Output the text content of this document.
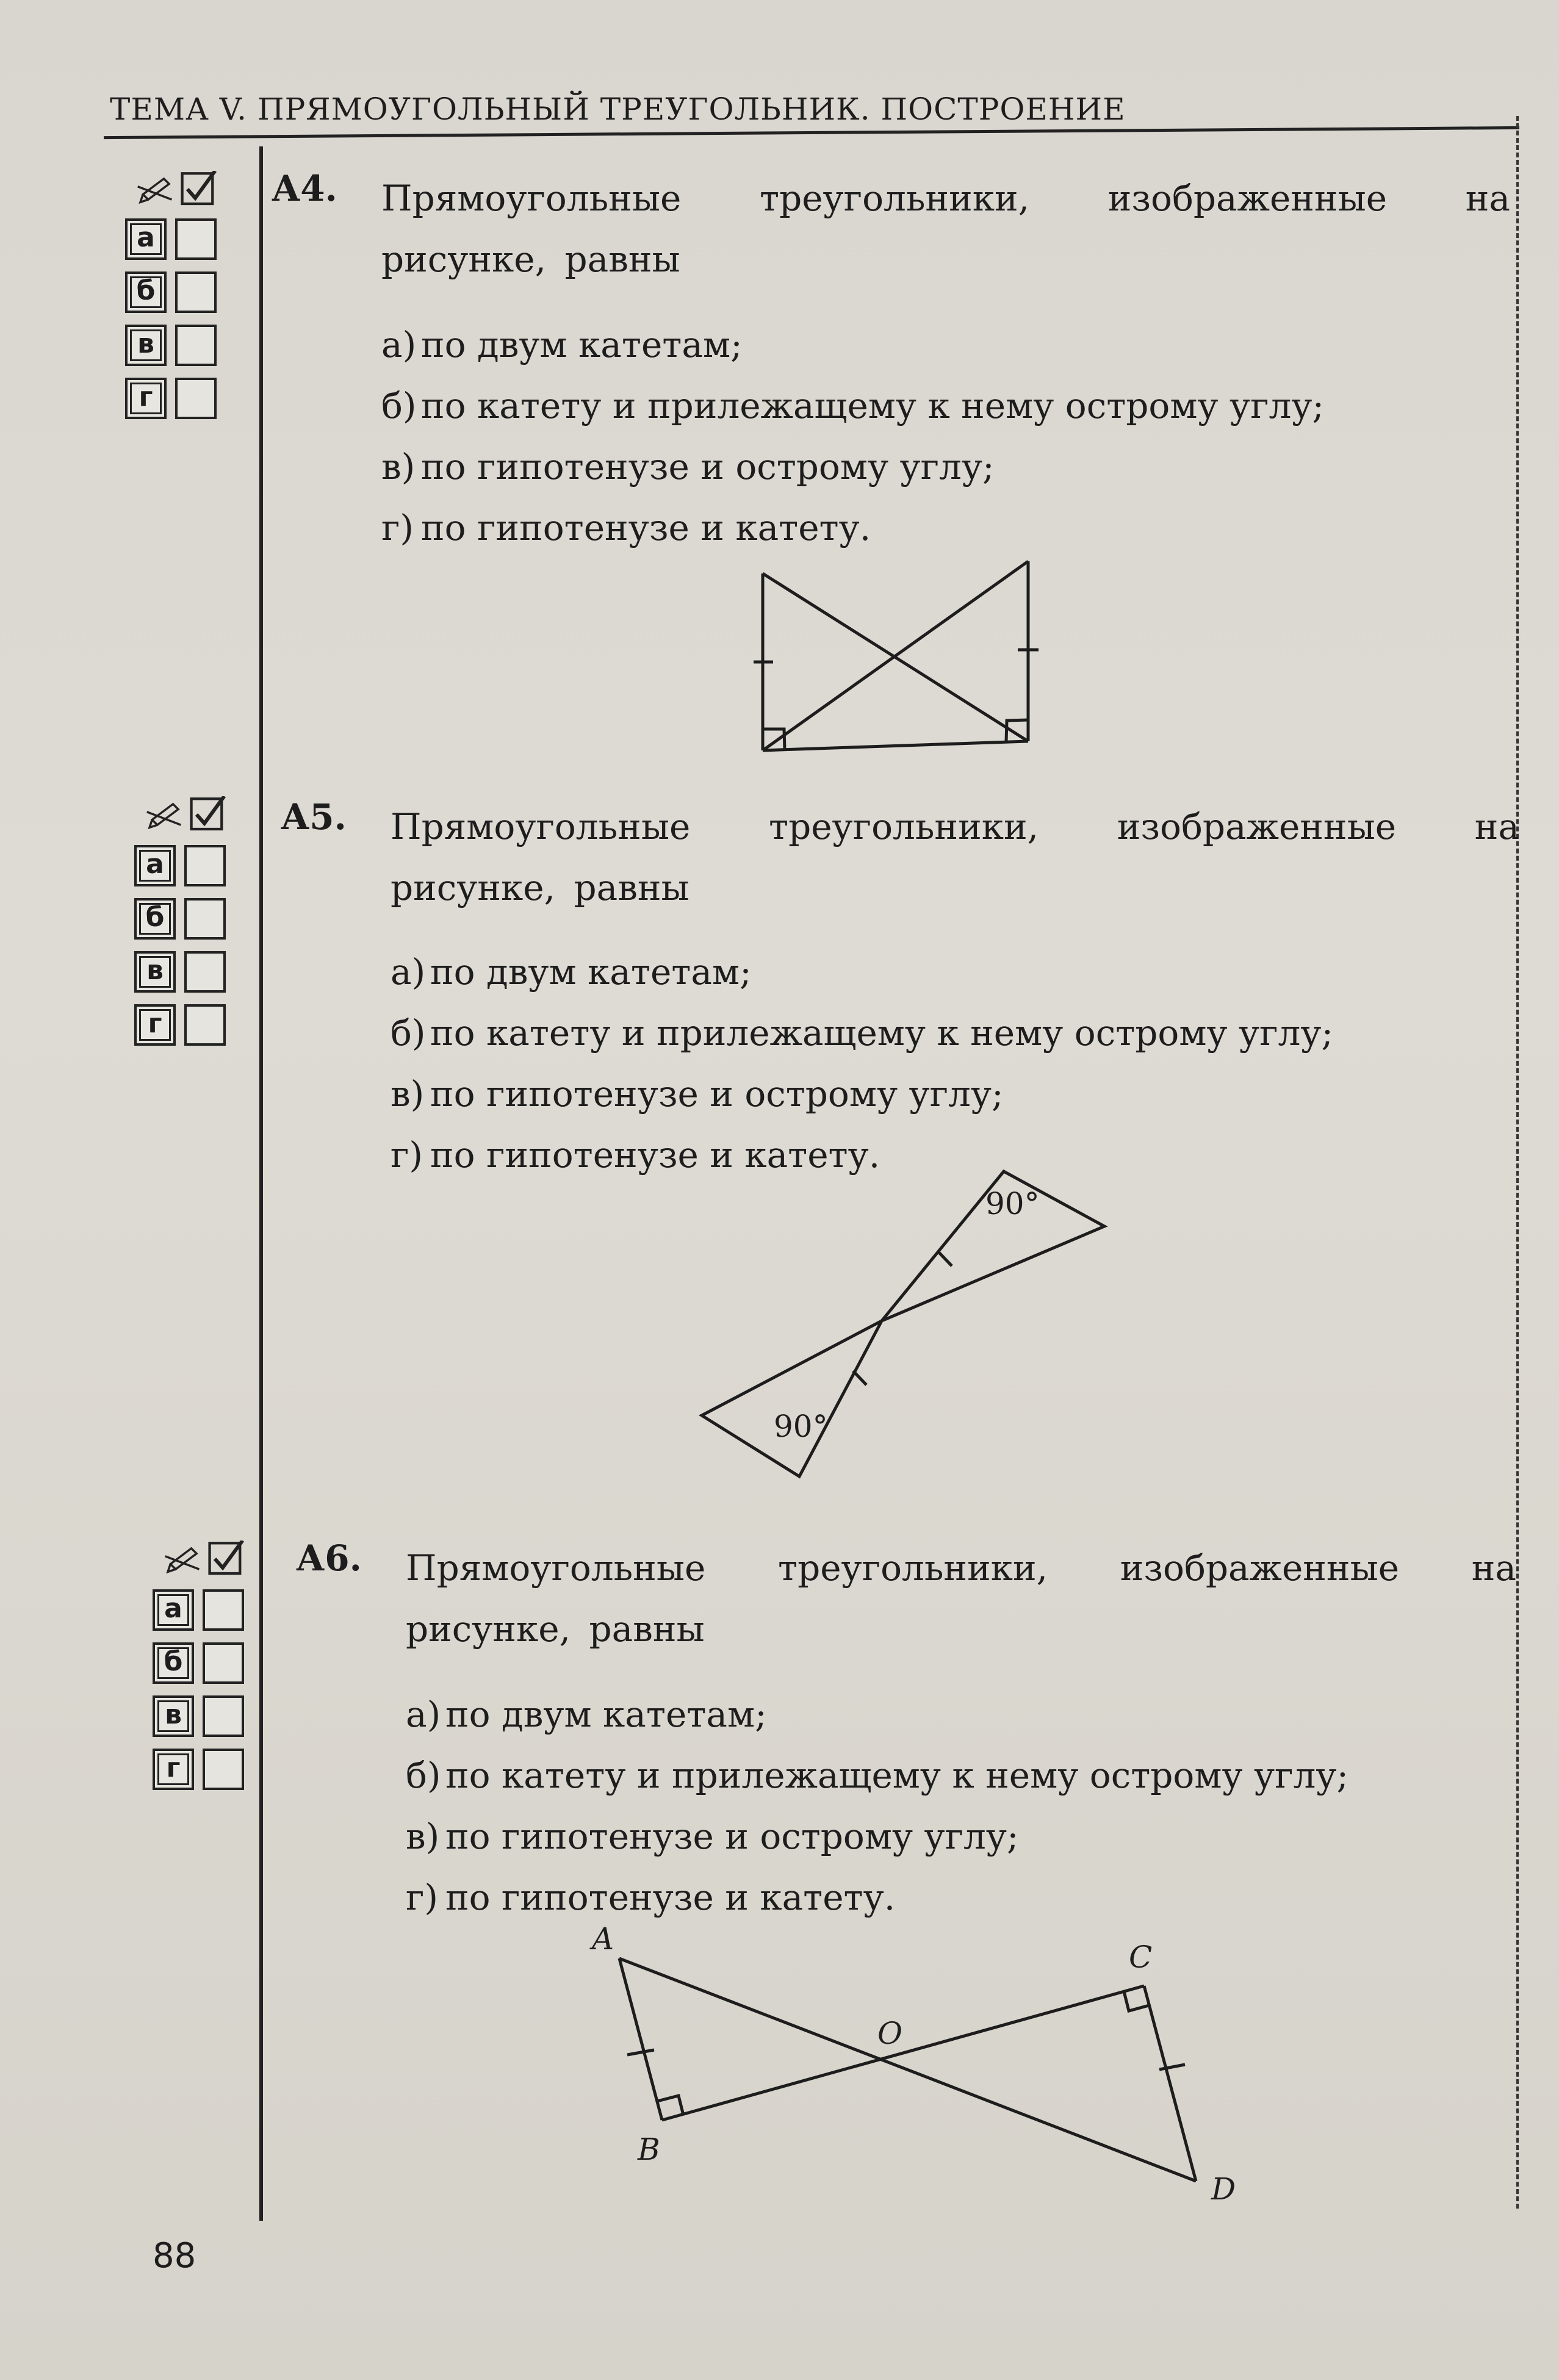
ТЕМА V. ПРЯМОУГОЛЬНЫЙ ТРЕУГОЛЬНИК. ПОСТРОЕНИЕ
а
б
в
г
А4. Прямоугольные треугольники, изображенные на рисунке, равны
а) по двум катетам;
б) по катету и прилежащему к нему острому углу;
в) по гипотенузе и острому углу;
г) по гипотенузе и катету.
а
б
в
г
А5. Прямоугольные треугольники, изображенные на рисунке, равны
а) по двум катетам;
б) по катету и прилежащему к нему острому углу;
в) по гипотенузе и острому углу;
г) по гипотенузе и катету.
90°
90°
а
б
в
г
А6. Прямоугольные треугольники, изображенные на рисунке, равны
а) по двум катетам;
б) по катету и прилежащему к нему острому углу;
в) по гипотенузе и острому углу;
г) по гипотенузе и катету.
A
B
C
D
O
88
